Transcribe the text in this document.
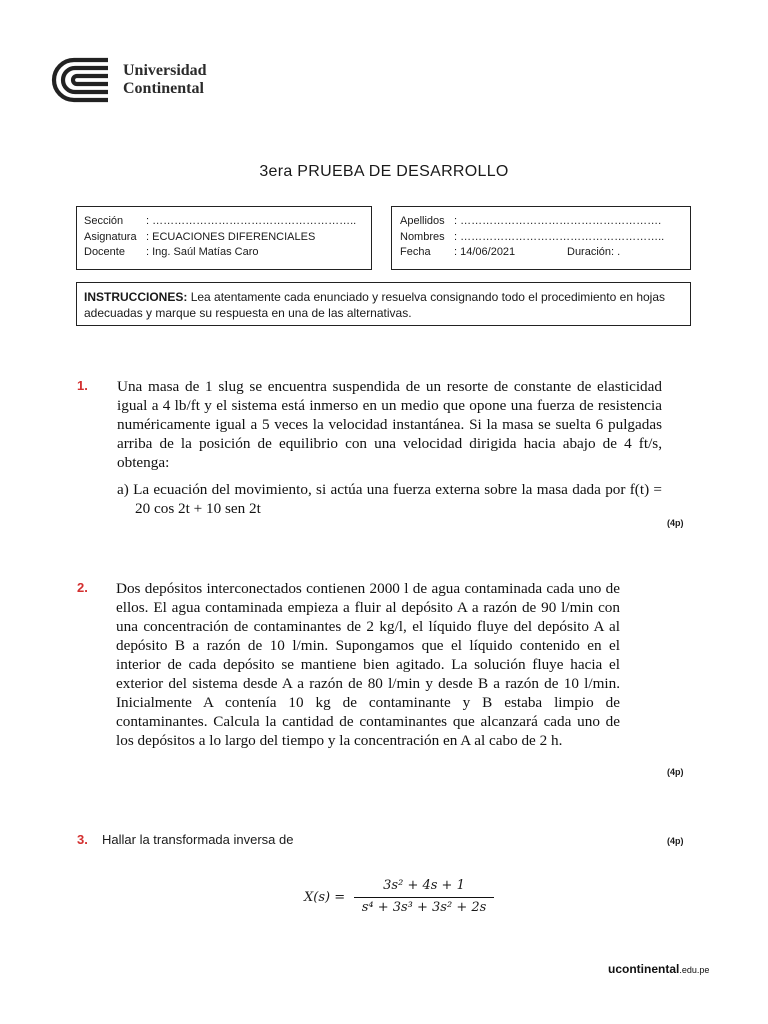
Universidad
Continental
3era PRUEBA DE DESARROLLO
Sección : ………………………………………………..
Asignatura : ECUACIONES DIFERENCIALES
Docente : Ing. Saúl Matías Caro
Apellidos : ……………………………………………….
Nombres : ………………………………………………..
Fecha : 14/06/2021	Duración: .
INSTRUCCIONES: Lea atentamente cada enunciado y resuelva consignando todo el procedimiento en hojas adecuadas y marque su respuesta en una de las alternativas.
1. Una masa de 1 slug se encuentra suspendida de un resorte de constante de elasticidad igual a 4 lb/ft y el sistema está inmerso en un medio que opone una fuerza de resistencia numéricamente igual a 5 veces la velocidad instantánea. Si la masa se suelta 6 pulgadas arriba de la posición de equilibrio con una velocidad dirigida hacia abajo de 4 ft/s, obtenga:
a) La ecuación del movimiento, si actúa una fuerza externa sobre la masa dada por f(t) = 20 cos 2t + 10 sen 2t
(4p)
2. Dos depósitos interconectados contienen 2000 l de agua contaminada cada uno de ellos. El agua contaminada empieza a fluir al depósito A a razón de 90 l/min con una concentración de contaminantes de 2 kg/l, el líquido fluye del depósito A al depósito B a razón de 10 l/min. Supongamos que el líquido contenido en el interior de cada depósito se mantiene bien agitado. La solución fluye hacia el exterior del sistema desde A a razón de 80 l/min y desde B a razón de 10 l/min. Inicialmente A contenía 10 kg de contaminante y B estaba limpio de contaminantes. Calcula la cantidad de contaminantes que alcanzará cada uno de los depósitos a lo largo del tiempo y la concentración en A al cabo de 2 h.
(4p)
3. Hallar la transformada inversa de	(4p)
X(s) =
3s² + 4s + 1
s⁴ + 3s³ + 3s² + 2s
ucontinental.edu.pe
